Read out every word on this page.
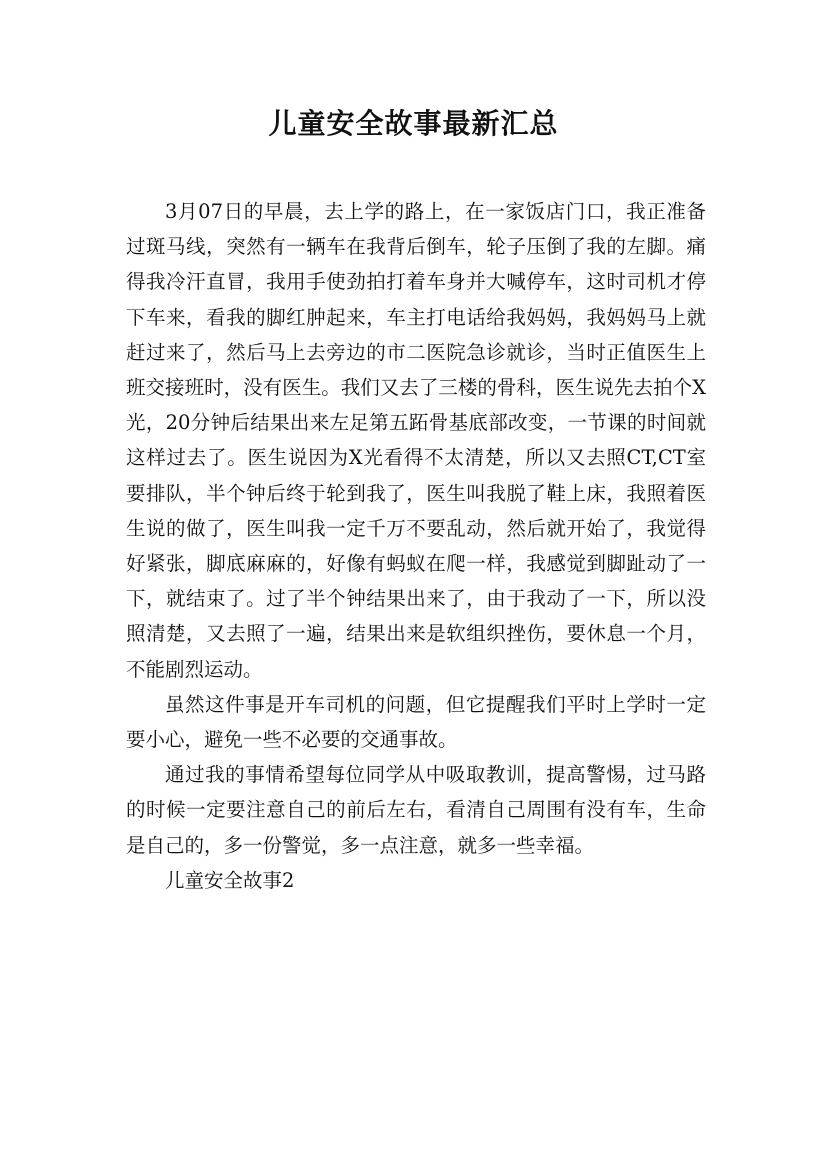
儿童安全故事最新汇总

3月07日的早晨，去上学的路上，在一家饭店门口，我正准备过斑马线，突然有一辆车在我背后倒车，轮子压倒了我的左脚。痛得我冷汗直冒，我用手使劲拍打着车身并大喊停车，这时司机才停下车来，看我的脚红肿起来，车主打电话给我妈妈，我妈妈马上就赶过来了，然后马上去旁边的市二医院急诊就诊，当时正值医生上班交接班时，没有医生。我们又去了三楼的骨科，医生说先去拍个X光，20分钟后结果出来左足第五跖骨基底部改变，一节课的时间就这样过去了。医生说因为X光看得不太清楚，所以又去照CT,CT室要排队，半个钟后终于轮到我了，医生叫我脱了鞋上床，我照着医生说的做了，医生叫我一定千万不要乱动，然后就开始了，我觉得好紧张，脚底麻麻的，好像有蚂蚁在爬一样，我感觉到脚趾动了一下，就结束了。过了半个钟结果出来了，由于我动了一下，所以没照清楚，又去照了一遍，结果出来是软组织挫伤，要休息一个月，不能剧烈运动。

虽然这件事是开车司机的问题，但它提醒我们平时上学时一定要小心，避免一些不必要的交通事故。

通过我的事情希望每位同学从中吸取教训，提高警惕，过马路的时候一定要注意自己的前后左右，看清自己周围有没有车，生命是自己的，多一份警觉，多一点注意，就多一些幸福。

儿童安全故事2
